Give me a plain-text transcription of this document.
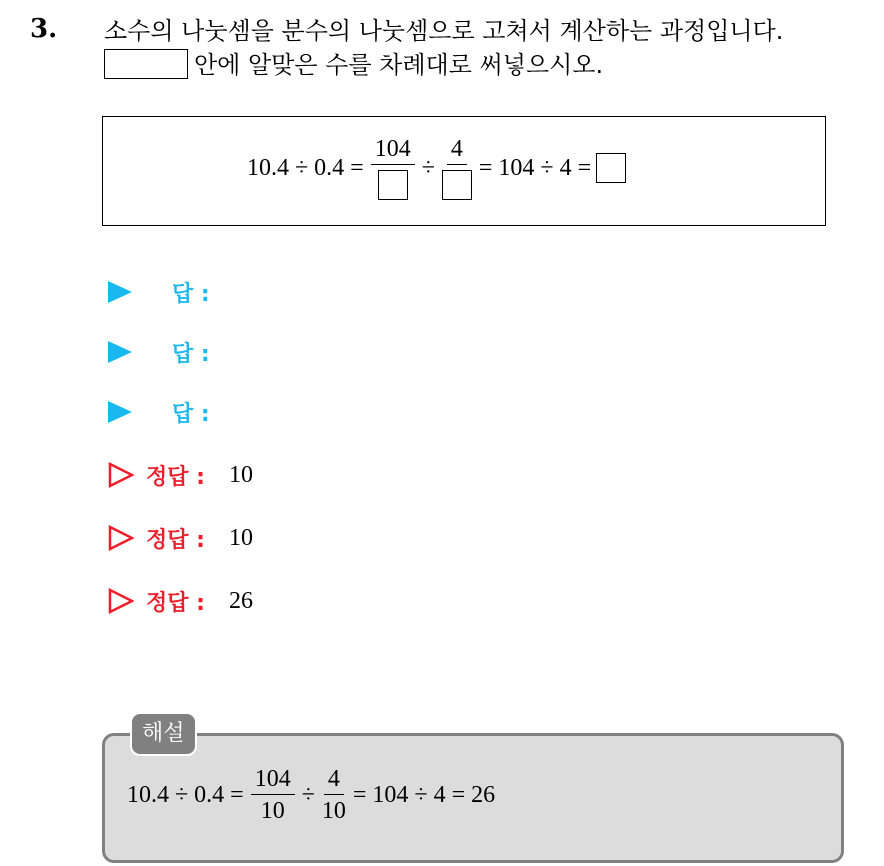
3. 소수의 나눗셈을 분수의 나눗셈으로 고쳐서 계산하는 과정입니다.
안에 알맞은 수를 차례대로 써넣으시오.
10.4 ÷ 0.4 =
104
÷
4
= 104 ÷ 4 =
답 :
답 :
답 :
정답 : 10
정답 : 10
정답 : 26
해설
$10.4 \div 0.4 = \frac{104}{10} \div \frac{4}{10} = 104 \div 4 = 26$
